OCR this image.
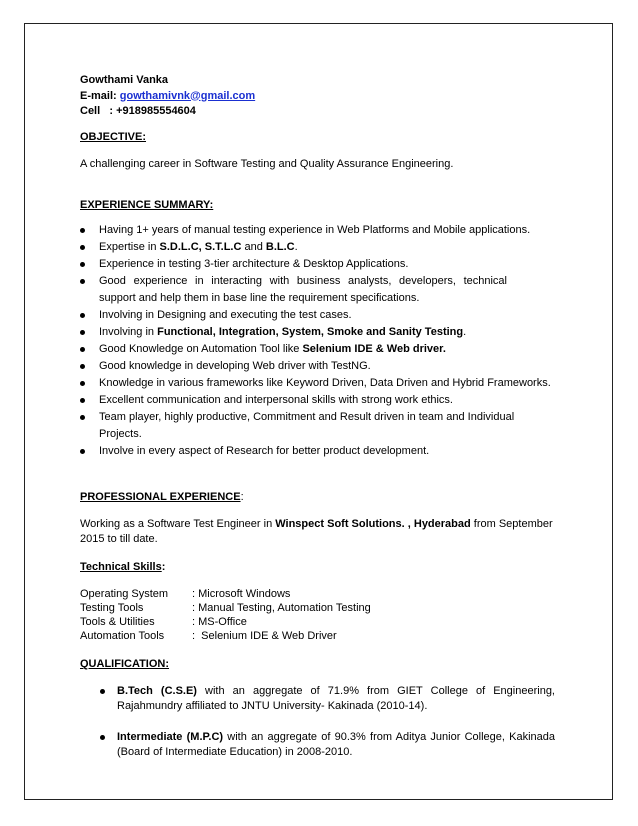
Gowthami Vanka

E-mail: gowthamivnk@gmail.com

Cell   : +918985554604

OBJECTIVE:

A challenging career in Software Testing and Quality Assurance Engineering.

EXPERIENCE SUMMARY:

Having 1+ years of manual testing experience in Web Platforms and Mobile applications.
Expertise in S.D.L.C, S.T.L.C and B.L.C.
Experience in testing 3-tier architecture & Desktop Applications.
Good experience in interacting with business analysts, developers, technical support and help them in base line the requirement specifications.
Involving in Designing and executing the test cases.
Involving in Functional, Integration, System, Smoke and Sanity Testing.
Good Knowledge on Automation Tool like Selenium IDE & Web driver.
Good knowledge in developing Web driver with TestNG.
Knowledge in various frameworks like Keyword Driven, Data Driven and Hybrid Frameworks.
Excellent communication and interpersonal skills with strong work ethics.
Team player, highly productive, Commitment and Result driven in team and Individual Projects.
Involve in every aspect of Research for better product development.

PROFESSIONAL EXPERIENCE:

Working as a Software Test Engineer in Winspect Soft Solutions. , Hyderabad from September 2015 to till date.

Technical Skills:

Operating System	: Microsoft Windows
Testing Tools	: Manual Testing, Automation Testing
Tools & Utilities	: MS-Office
Automation Tools	:  Selenium IDE & Web Driver

QUALIFICATION:

B.Tech (C.S.E) with an aggregate of 71.9% from GIET College of Engineering, Rajahmundry affiliated to JNTU University- Kakinada (2010-14).
Intermediate (M.P.C) with an aggregate of 90.3% from Aditya Junior College, Kakinada (Board of Intermediate Education) in 2008-2010.
